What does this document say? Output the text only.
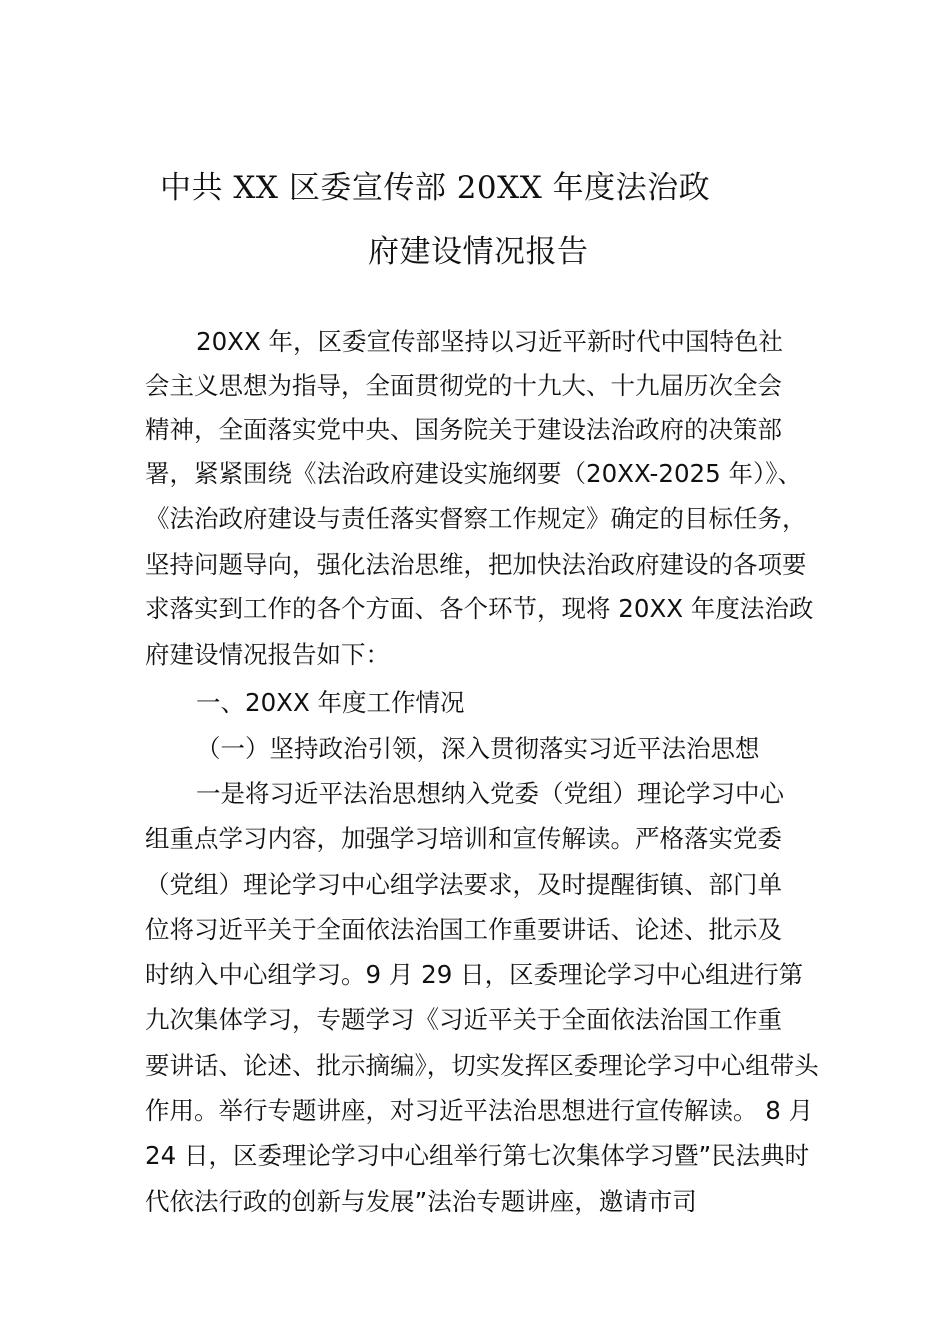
中共 XX 区委宣传部 20XX 年度法治政
府建设情况报告
20XX 年，区委宣传部坚持以习近平新时代中国特色社
会主义思想为指导，全面贯彻党的十九大、十九届历次全会
精神，全面落实党中央、国务院关于建设法治政府的决策部
署，紧紧围绕《法治政府建设实施纲要（20XX-2025 年）》、
《法治政府建设与责任落实督察工作规定》确定的目标任务，
坚持问题导向，强化法治思维，把加快法治政府建设的各项要
求落实到工作的各个方面、各个环节，现将 20XX 年度法治政
府建设情况报告如下：
一、20XX 年度工作情况
（一）坚持政治引领，深入贯彻落实习近平法治思想
一是将习近平法治思想纳入党委（党组）理论学习中心
组重点学习内容，加强学习培训和宣传解读。严格落实党委
（党组）理论学习中心组学法要求，及时提醒街镇、部门单
位将习近平关于全面依法治国工作重要讲话、论述、批示及
时纳入中心组学习。9 月 29 日，区委理论学习中心组进行第
九次集体学习，专题学习《习近平关于全面依法治国工作重
要讲话、论述、批示摘编》，切实发挥区委理论学习中心组带头
作用。举行专题讲座，对习近平法治思想进行宣传解读。 8 月
24 日，区委理论学习中心组举行第七次集体学习暨”民法典时
代依法行政的创新与发展”法治专题讲座，邀请市司
